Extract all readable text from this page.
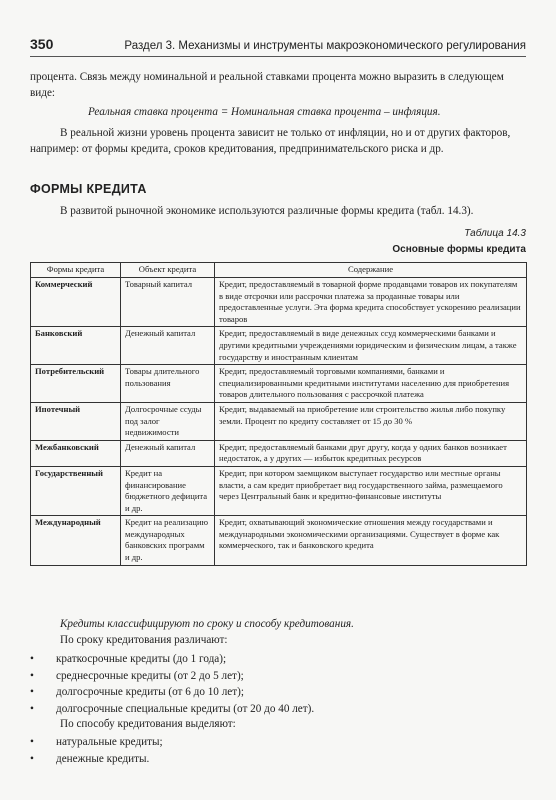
350	Раздел 3. Механизмы и инструменты макроэкономического регулирования

процента. Связь между номинальной и реальной ставками процента можно выразить в следующем виде:

Реальная ставка процента = Номинальная ставка процента – инфляция.

В реальной жизни уровень процента зависит не только от инфляции, но и от других факторов, например: от формы кредита, сроков кредитования, предпринимательского риска и др.

ФОРМЫ КРЕДИТА

В развитой рыночной экономике используются различные формы кредита (табл. 14.3).

Таблица 14.3
Основные формы кредита
Формы кредита	Объект кредита	Содержание
Коммерческий	Товарный капитал	Кредит, предоставляемый в товарной форме продавцами товаров их покупателям в виде отсрочки или рассрочки платежа за проданные товары или предоставленные услуги. Эта форма кредита способствует ускорению реализации товаров
Банковский	Денежный капитал	Кредит, предоставляемый в виде денежных ссуд коммерческими банками и другими кредитными учреждениями юридическим и физическим лицам, а также государству и иностранным клиентам
Потребительский	Товары длительного пользования	Кредит, предоставляемый торговыми компаниями, банками и специализированными кредитными институтами населению для приобретения товаров длительного пользования с рассрочкой платежа
Ипотечный	Долгосрочные ссуды под залог недвижимости	Кредит, выдаваемый на приобретение или строительство жилья либо покупку земли. Процент по кредиту составляет от 15 до 30 %
Межбанковский	Денежный капитал	Кредит, предоставляемый банками друг другу, когда у одних банков возникает недостаток, а у других — избыток кредитных ресурсов
Государственный	Кредит на финансирование бюджетного дефицита и др.	Кредит, при котором заемщиком выступает государство или местные органы власти, а сам кредит приобретает вид государственного займа, размещаемого через Центральный банк и кредитно-финансовые институты
Международный	Кредит на реализацию международных банковских программ и др.	Кредит, охватывающий экономические отношения между государствами и международными экономическими организациями. Существует в форме как коммерческого, так и банковского кредита
Кредиты классифицируют по сроку и способу кредитования.
По сроку кредитования различают:
• краткосрочные кредиты (до 1 года);
• среднесрочные кредиты (от 2 до 5 лет);
• долгосрочные кредиты (от 6 до 10 лет);
• долгосрочные специальные кредиты (от 20 до 40 лет).
По способу кредитования выделяют:
• натуральные кредиты;
• денежные кредиты.
